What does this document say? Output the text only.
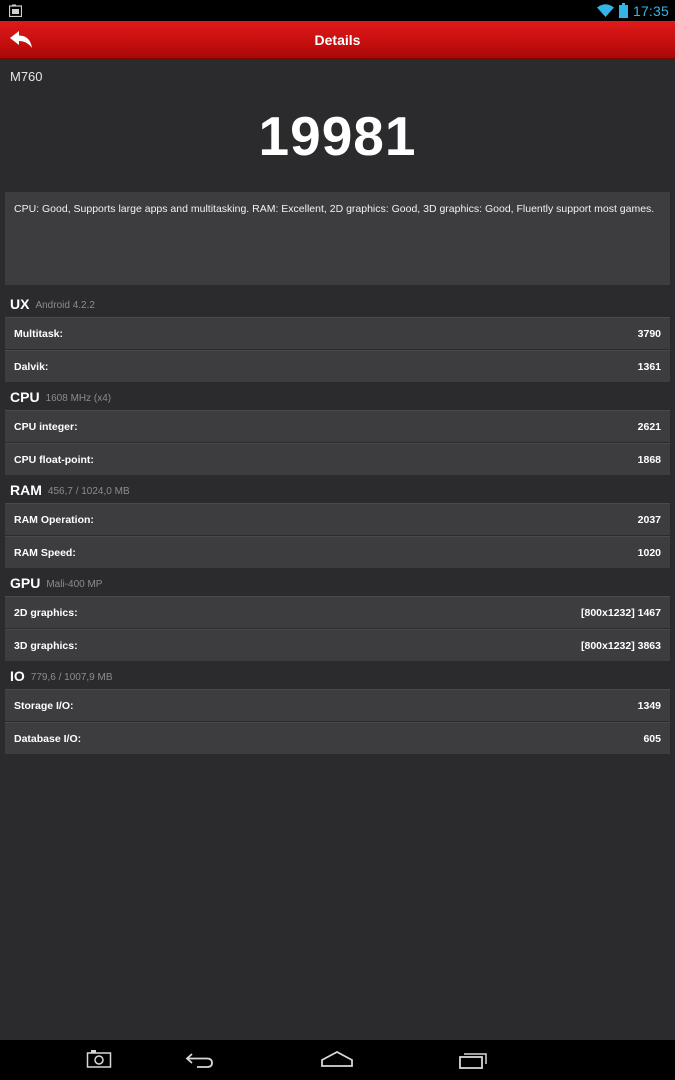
17:35
Details
M760
19981
CPU: Good, Supports large apps and multitasking. RAM: Excellent, 2D graphics: Good, 3D graphics: Good, Fluently support most games.
UX Android 4.2.2
Multitask:	3790
Dalvik:	1361
CPU 1608 MHz (x4)
CPU integer:	2621
CPU float-point:	1868
RAM 456,7 / 1024,0 MB
RAM Operation:	2037
RAM Speed:	1020
GPU Mali-400 MP
2D graphics:	[800x1232] 1467
3D graphics:	[800x1232] 3863
IO 779,6 / 1007,9 MB
Storage I/O:	1349
Database I/O:	605
